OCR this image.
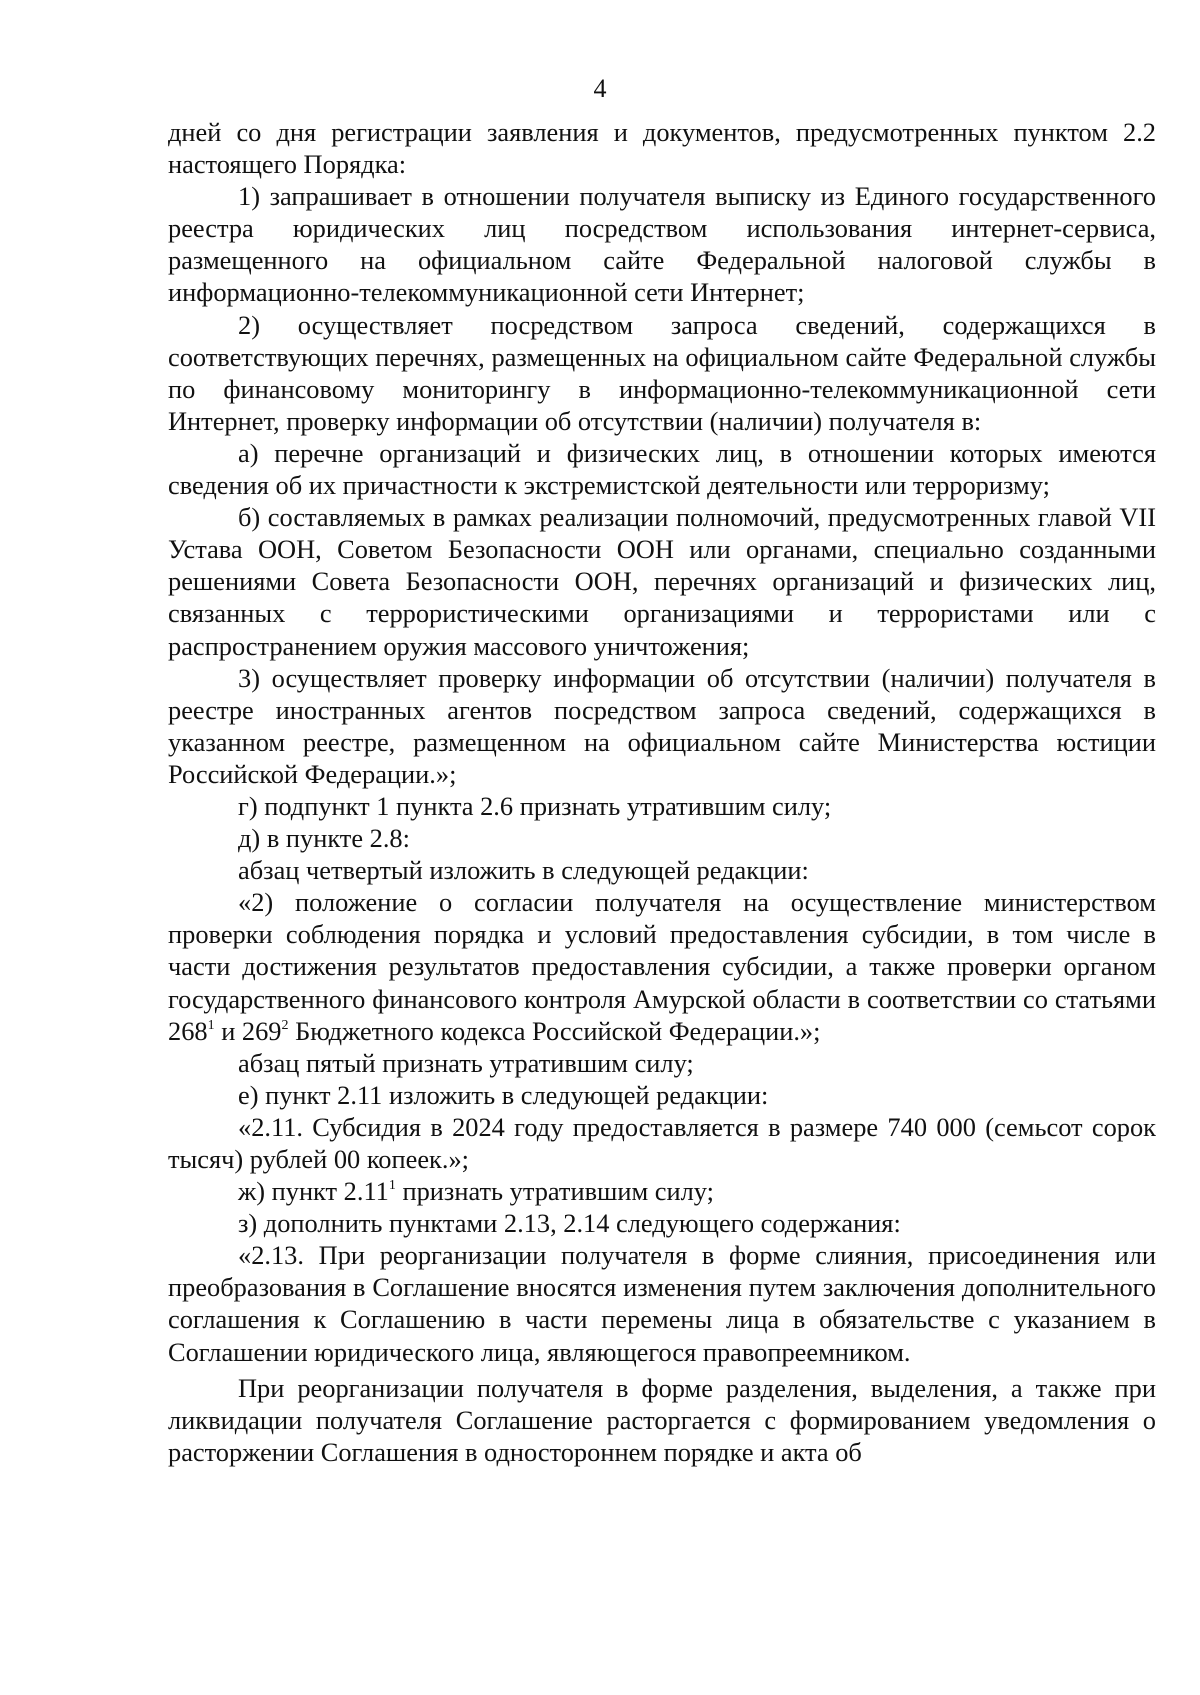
4

дней со дня регистрации заявления и документов, предусмотренных пунктом 2.2 настоящего Порядка:

1) запрашивает в отношении получателя выписку из Единого государственного реестра юридических лиц посредством использования интернет-сервиса, размещенного на официальном сайте Федеральной налоговой службы в информационно-телекоммуникационной сети Интернет;

2) осуществляет посредством запроса сведений, содержащихся в соответствующих перечнях, размещенных на официальном сайте Федеральной службы по финансовому мониторингу в информационно-телекоммуникационной сети Интернет, проверку информации об отсутствии (наличии) получателя в:

а) перечне организаций и физических лиц, в отношении которых имеются сведения об их причастности к экстремистской деятельности или терроризму;

б) составляемых в рамках реализации полномочий, предусмотренных главой VII Устава ООН, Советом Безопасности ООН или органами, специально созданными решениями Совета Безопасности ООН, перечнях организаций и физических лиц, связанных с террористическими организациями и террористами или с распространением оружия массового уничтожения;

3) осуществляет проверку информации об отсутствии (наличии) получателя в реестре иностранных агентов посредством запроса сведений, содержащихся в указанном реестре, размещенном на официальном сайте Министерства юстиции Российской Федерации.»;

г) подпункт 1 пункта 2.6 признать утратившим силу;

д) в пункте 2.8:

абзац четвертый изложить в следующей редакции:

«2) положение о согласии получателя на осуществление министерством проверки соблюдения порядка и условий предоставления субсидии, в том числе в части достижения результатов предоставления субсидии, а также проверки органом государственного финансового контроля Амурской области в соответствии со статьями $268^1$ и $269^2$ Бюджетного кодекса Российской Федерации.»;

абзац пятый признать утратившим силу;

е) пункт 2.11 изложить в следующей редакции:

«2.11. Субсидия в 2024 году предоставляется в размере 740 000 (семьсот сорок тысяч) рублей 00 копеек.»;

ж) пункт 2.11$^1$ признать утратившим силу;

з) дополнить пунктами 2.13, 2.14 следующего содержания:

«2.13. При реорганизации получателя в форме слияния, присоединения или преобразования в Соглашение вносятся изменения путем заключения дополнительного соглашения к Соглашению в части перемены лица в обязательстве с указанием в Соглашении юридического лица, являющегося правопреемником.

При реорганизации получателя в форме разделения, выделения, а также при ликвидации получателя Соглашение расторгается с формированием уведомления о расторжении Соглашения в одностороннем порядке и акта об
